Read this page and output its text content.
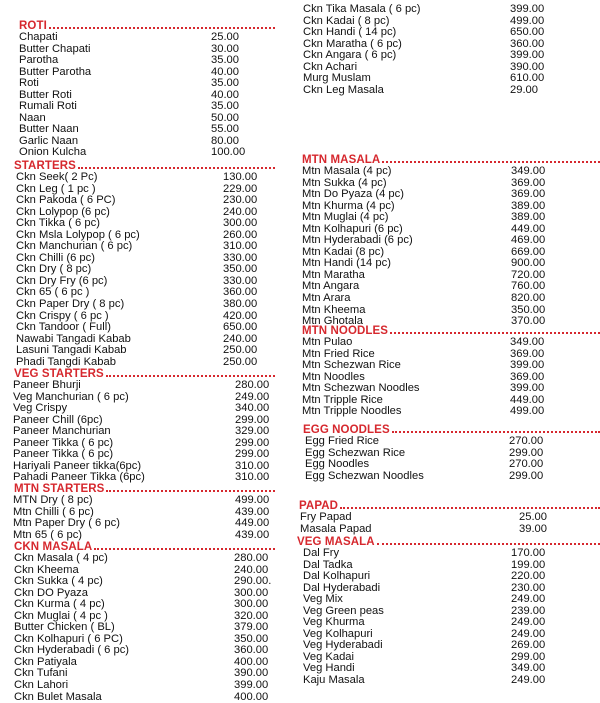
ROTI
Chapati	25.00
Butter Chapati	30.00
Parotha	35.00
Butter Parotha	40.00
Roti	35.00
Butter Roti	40.00
Rumali Roti	35.00
Naan	50.00
Butter Naan	55.00
Garlic Naan	80.00
Onion Kulcha	100.00
STARTERS
Ckn Seek( 2 Pc)	130.00
Ckn Leg ( 1 pc )	229.00
Ckn Pakoda ( 6 PC)	230.00
Ckn Lolypop (6 pc)	240.00
Ckn Tikka ( 6 pc)	300.00
Ckn Msla Lolypop ( 6 pc)	260.00
Ckn Manchurian ( 6 pc)	310.00
Ckn Chilli (6 pc)	330.00
Ckn Dry ( 8 pc)	350.00
Ckn Dry Fry (6 pc)	330.00
Ckn 65 ( 6 pc )	360.00
Ckn Paper Dry ( 8 pc)	380.00
Ckn Crispy ( 6 pc )	420.00
Ckn Tandoor ( Full)	650.00
Nawabi Tangadi Kabab	240.00
Lasuni Tangadi Kabab	250.00
Phadi Tangdi Kabab	250.00
VEG STARTERS
Paneer Bhurji	280.00
Veg Manchurian ( 6 pc)	249.00
Veg Crispy	340.00
Paneer Chill (6pc)	299.00
Paneer Manchurian	329.00
Paneer Tikka ( 6 pc)	299.00
Paneer Tikka ( 6 pc)	299.00
Hariyali Paneer tikka(6pc)	310.00
Pahadi Paneer Tikka (6pc)	310.00
MTN STARTERS
MTN Dry ( 8 pc)	499.00
Mtn Chilli ( 6 pc)	439.00
Mtn Paper Dry ( 6 pc)	449.00
Mtn 65 ( 6 pc)	439.00
CKN MASALA
Ckn Masala ( 4 pc)	280.00
Ckn Kheema	240.00
Ckn Sukka ( 4 pc)	290.00.
Ckn DO Pyaza	300.00
Ckn Kurma ( 4 pc)	300.00
Ckn Muglai ( 4 pc )	320.00
Butter Chicken ( BL)	379.00
Ckn Kolhapuri ( 6 PC)	350.00
Ckn Hyderabadi ( 6 pc)	360.00
Ckn Patiyala	400.00
Ckn Tufani	390.00
Ckn Lahori	399.00
Ckn Bulet Masala	400.00
Ckn Tika Masala ( 6 pc)	399.00
Ckn Kadai ( 8 pc)	499.00
Ckn Handi ( 14 pc)	650.00
Ckn Maratha ( 6 pc)	360.00
Ckn Angara ( 6 pc)	399.00
Ckn Achari	390.00
Murg Muslam	610.00
Ckn Leg Masala	29.00
MTN MASALA
Mtn Masala (4 pc)	349.00
Mtn Sukka (4 pc)	369.00
Mtn Do Pyaza (4 pc)	369.00
Mtn Khurma (4 pc)	389.00
Mtn Muglai (4 pc)	389.00
Mtn Kolhapuri (6 pc)	449.00
Mtn Hyderabadi (6 pc)	469.00
Mtn Kadai (8 pc)	669.00
Mtn Handi (14 pc)	900.00
Mtn Maratha	720.00
Mtn Angara	760.00
Mtn Arara	820.00
Mtn Kheema	350.00
Mtn Ghotala	370.00
MTN NOODLES
Mtn Pulao	349.00
Mtn Fried Rice	369.00
Mtn Schezwan Rice	399.00
Mtn Noodles	369.00
Mtn Schezwan Noodles	399.00
Mtn Tripple Rice	449.00
Mtn Tripple Noodles	499.00
EGG NOODLES
Egg Fried Rice	270.00
Egg Schezwan Rice	299.00
Egg Noodles	270.00
Egg Schezwan Noodles	299.00
PAPAD
Fry Papad	25.00
Masala Papad	39.00
VEG MASALA
Dal Fry	170.00
Dal Tadka	199.00
Dal Kolhapuri	220.00
Dal Hyderabadi	230.00
Veg Mix	249.00
Veg Green peas	239.00
Veg Khurma	249.00
Veg Kolhapuri	249.00
Veg Hyderabadi	269.00
Veg Kadai	299.00
Veg Handi	349.00
Kaju Masala	249.00
